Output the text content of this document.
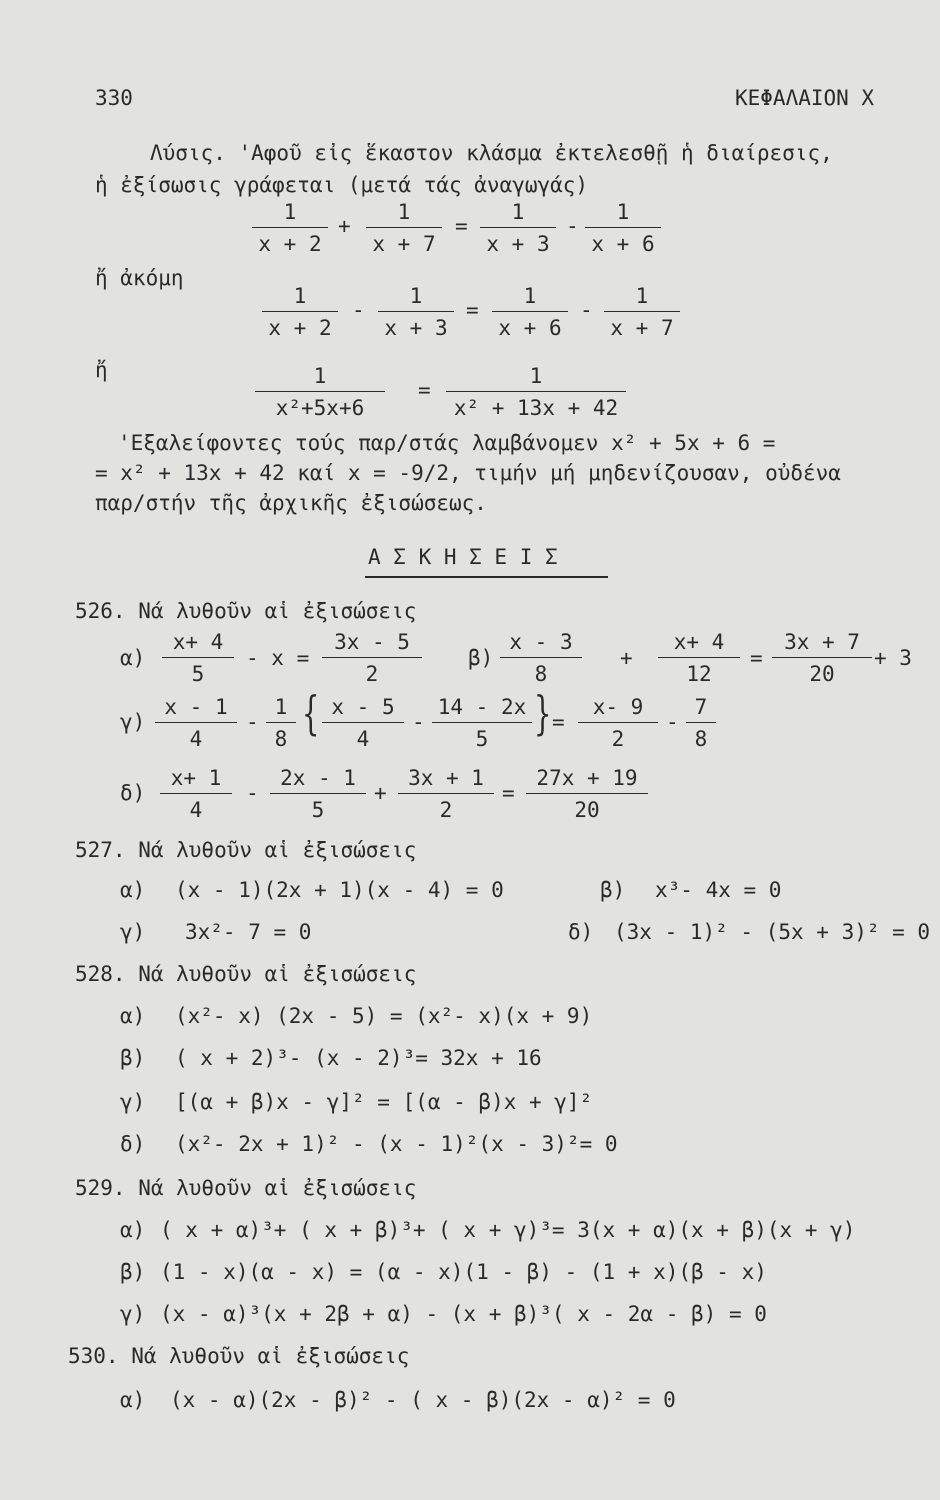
330	ΚΕΦΑΛΑΙΟΝ Χ
Λύσις. 'Αφοῦ εἰς ἕκαστον κλάσμα ἐκτελεσθῇ ἡ διαίρεσις,
ἡ ἐξίσωσις γράφεται (μετά τάς ἀναγωγάς)
$\frac{1}{x + 2} + \frac{1}{x + 7} = \frac{1}{x + 3} - \frac{1}{x + 6}$
ἤ ἀκόμη
$\frac{1}{x + 2} - \frac{1}{x + 3} = \frac{1}{x + 6} - \frac{1}{x + 7}$
ἤ	$\frac{1}{\text{x²+5x+6}} = \frac{1}{\text{x² + 13x + 42}}$
'Εξαλείφοντες τούς παρ/στάς λαμβάνομεν x² + 5x + 6 =
= x² + 13x + 42 καί x = -9/2, τιμήν μή μηδενίζουσαν, οὐδένα
παρ/στήν τῆς ἀρχικῆς ἐξισώσεως.
Α Σ Κ Η Σ Ε Ι Σ
526. Νά λυθοῦν αἱ ἐξισώσεις
$\alpha) \frac{x+ 4}{5} - x = \frac{3x - 5}{2} \beta) \frac{x - 3}{8} + \frac{x+ 4}{12} = \frac{3x + 7}{20} + 3$
$\gamma) \frac{x - 1}{4} - \frac{1}{8}$ { $\frac{x - 5}{4} - \frac{14 - 2x}{5}$ } = $\frac{x- 9}{2} - \frac{7}{8}$
$\delta) \frac{x+ 1}{4} - \frac{2x - 1}{5} + \frac{3x + 1}{2} = \frac{27x + 19}{20}$
527. Νά λυθοῦν αἱ ἐξισώσεις
α) (x - 1)(2x + 1)(x - 4) = 0	β) x³- 4x = 0
γ) 3x²- 7 = 0	δ) (3x - 1)² - (5x + 3)² = 0
528. Νά λυθοῦν αἱ ἐξισώσεις
α) (x²- x) (2x - 5) = (x²- x)(x + 9)
β) ( x + 2)³- (x - 2)³= 32x + 16
γ) [(α + β)x - γ]² = [(α - β)x + γ]²
δ) (x²- 2x + 1)² - (x - 1)²(x - 3)²= 0
529. Νά λυθοῦν αἱ ἐξισώσεις
α) ( x + α)³+ ( x + β)³+ ( x + γ)³= 3(x + α)(x + β)(x + γ)
β) (1 - x)(α - x) = (α - x)(1 - β) - (1 + x)(β - x)
γ) (x - α)³(x + 2β + α) - (x + β)³( x - 2α - β) = 0
530. Νά λυθοῦν αἱ ἐξισώσεις
α) (x - α)(2x - β)² - ( x - β)(2x - α)² = 0
